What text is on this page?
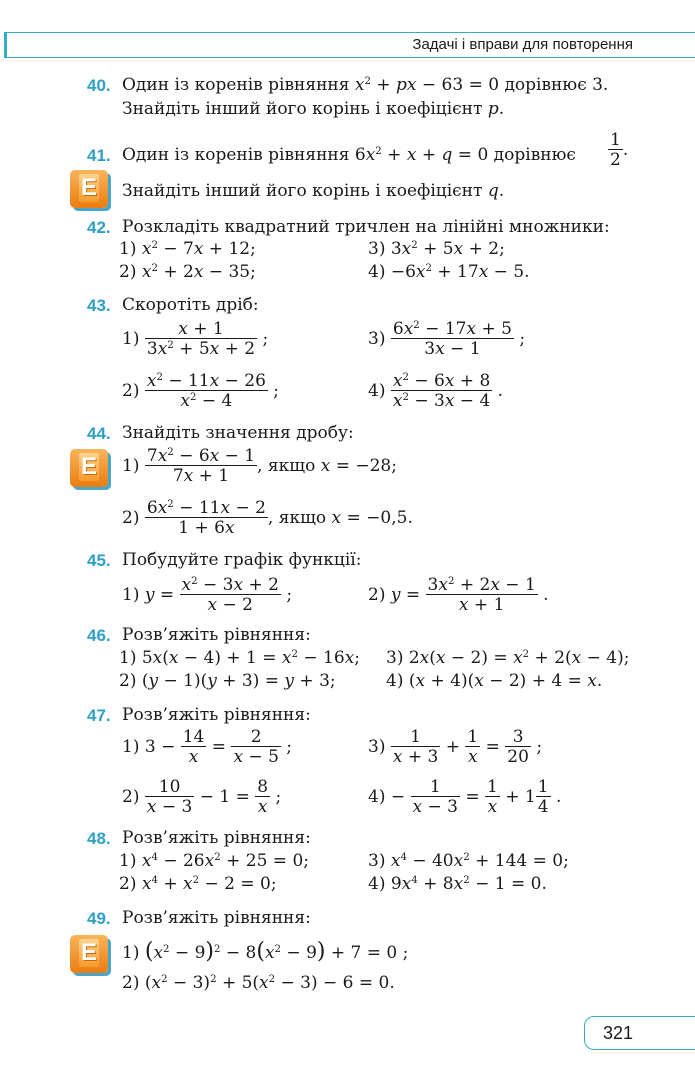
Задачі і вправи для повторення
40. Один із коренів рівняння $x^2$ + px − 63 = 0 дорівнює 3.
Знайдіть інший його корінь і коефіцієнт p.
41. Один із коренів рівняння $6x^2 + x + q = 0$ дорівнює $\frac{1}{2}$ .
E Знайдіть інший його корінь і коефіцієнт q.
42. Розкладіть квадратний тричлен на лінійні множники:
1) $x^2 - 7x + 12$;	3) $3x^2 + 5x + 2$;
2) $x^2 + 2x - 35$;	$4) -6x^2 + 17x - 5$.
43. Скоротіть дріб:
$1) \frac{x + 1}{3x^2 + 5x + 2}$ ;	$3) \frac{6x^2 - 17x + 5}{3x - 1}$ ;
$2) \frac{x^2 - 11x - 26}{x^2 - 4}$ ;	$4) \frac{x^2 - 6x + 8}{x^2 - 3x - 4}$ .
44. Знайдіть значення дробу:
E $1) \frac{7x^2 - 6x - 1}{7x + 1}$ , якщо x = −28;
$2) \frac{6x^2 - 11x - 2}{1 + 6x}$ , якщо x = −0,5.
45. Побудуйте графік функції:
1) $y = \frac{x^2 - 3x + 2}{x - 2}$ ;	2) $y = \frac{3x^2 + 2x - 1}{x + 1}$ .
46. Розв’яжіть рівняння:
1) $5x(x - 4) + 1 = x^2 - 16x$; 3) $2x(x - 2) = x^2 + 2(x - 4)$;
2) (y − 1)(y + 3) = y + 3;	4) (x + 4)(x − 2) + 4 = x.
47. Розв’яжіть рівняння:
1) $3 - \frac{14}{x} = \frac{2}{x - 5}$ ;	$3) \frac{1}{x + 3} + \frac{1}{x} = \frac{3}{20}$ ;
$2) \frac{10}{x - 3} - 1 = \frac{8}{x}$ ;	$4) - \frac{1}{x - 3} = \frac{1}{x} + 1 \frac{1}{4}$ .
48. Розв’яжіть рівняння:
1) $x^4 - 26x^2 + 25 = 0$;	3) $x^4 - 40x^2 + 144 = 0$;
2) $x^4 + x^2 - 2 = 0$;	4) $9x^4 + 8x^2 - 1 = 0$.
49. Розв’яжіть рівняння:
E 1) $(x^2 - 9)^2 - 8(x^2 - 9) + 7 = 0$ ;
2) $(x^2 - 3)^2 + 5(x^2 - 3) - 6 = 0$.
321
